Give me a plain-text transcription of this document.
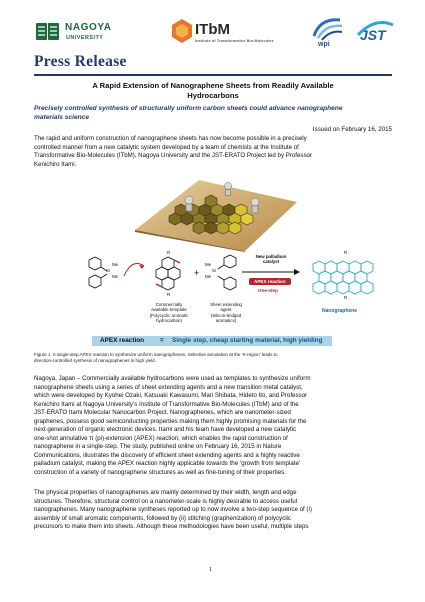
NAGOYA
UNIVERSITY	ITbM
Institute of Transformative Bio-Molecules	wpi
JST
Press Release
A Rapid Extension of Nanographene Sheets from Readily Available
Hydrocarbons
Precisely controlled synthesis of structurally uniform carbon sheets could advance nanographene
materials science
Issued on February 16, 2015
The rapid and uniform construction of nanographene sheets has now become possible in a precisely
controlled manner from a new catalytic system developed by a team of chemists at the Institute of
Transformative Bio-Molecules (ITbM), Nagoya University and the JST-ERATO Project led by Professor
Kenichiro Itami.
Si
Me
Me
R
R
+	Si
Me
Me
New palladium
catalyst
APEX reaction
One-step
R
R
Nanographene
Commercially
available template
(Polycyclic aromatic
hydrocarbon)
Sheet extending
agent
(Silicon-bridged
aromatics)
APEX reaction = Single step, cheap starting material, high yielding
Figure 1. A single-step APEX reaction to synthesize uniform nanographenes. Selective annulation at the ‘K-region’ leads to
direction-controlled synthesis of nanographenes in high yield.
Nagoya, Japan – Commercially available hydrocarbons were used as templates to synthesize uniform
nanographene sheets using a series of sheet extending agents and a new transition metal catalyst,
which were developed by Kyohei Ozaki, Katsuaki Kawasumi, Mari Shibata, Hideto Ito, and Professor
Kenichiro Itami at Nagoya University’s Institute of Transformative Bio-Molecules (ITbM) and of the
JST-ERATO Itami Molecular Nanocarbon Project. Nanographenes, which are nanometer-sized
graphenes, possess good semiconducting properties making them highly promising materials for the
next generation of organic electronic devices. Itami and his team have developed a new catalytic
one-shot annulative π (pi)-extension (APEX) reaction, which enables the rapid construction of
nanographene in a single-step. The study, published online on February 16, 2015 in Nature
Communications, illustrates the discovery of efficient sheet extending agents and a highly reactive
palladium catalyst, making the APEX reaction highly applicable towards the ‘growth from template’
construction of a variety of nanographene structures as well as fine-tuning of their properties.
The physical properties of nanographenes are mainly determined by their width, length and edge
structures. Therefore, structural control on a nanometer-scale is highly desirable to access useful
nanographenes. Many nanographene syntheses reported up to now involve a two-step sequence of (i)
assembly of small aromatic components, followed by (ii) stitching (graphenization) of polycyclic
precursors to make them into sheets. Although these methodologies have been useful, multiple steps
1
